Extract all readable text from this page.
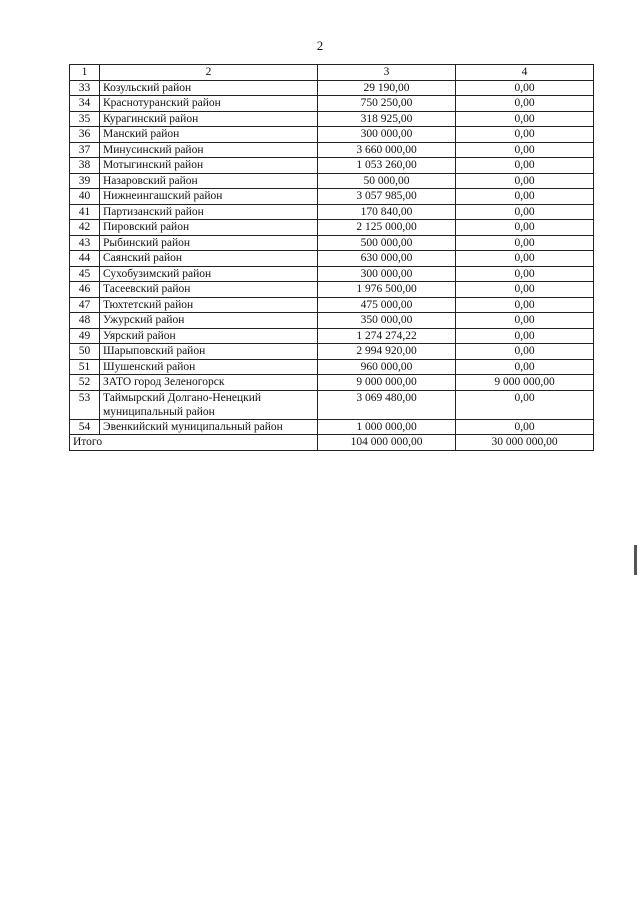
2
1	2	3	4
33	Козульский район	29 190,00	0,00
34	Краснотуранский район	750 250,00	0,00
35	Курагинский район	318 925,00	0,00
36	Манский район	300 000,00	0,00
37	Минусинский район	3 660 000,00	0,00
38	Мотыгинский район	1 053 260,00	0,00
39	Назаровский район	50 000,00	0,00
40	Нижнеингашский район	3 057 985,00	0,00
41	Партизанский район	170 840,00	0,00
42	Пировский район	2 125 000,00	0,00
43	Рыбинский район	500 000,00	0,00
44	Саянский район	630 000,00	0,00
45	Сухобузимский район	300 000,00	0,00
46	Тасеевский район	1 976 500,00	0,00
47	Тюхтетский район	475 000,00	0,00
48	Ужурский район	350 000,00	0,00
49	Уярский район	1 274 274,22	0,00
50	Шарыповский район	2 994 920,00	0,00
51	Шушенский район	960 000,00	0,00
52	ЗАТО город Зеленогорск	9 000 000,00	9 000 000,00
53	Таймырский Долгано-Ненецкий муниципальный район	3 069 480,00	0,00
54	Эвенкийский муниципальный район	1 000 000,00	0,00
Итого		104 000 000,00	30 000 000,00
